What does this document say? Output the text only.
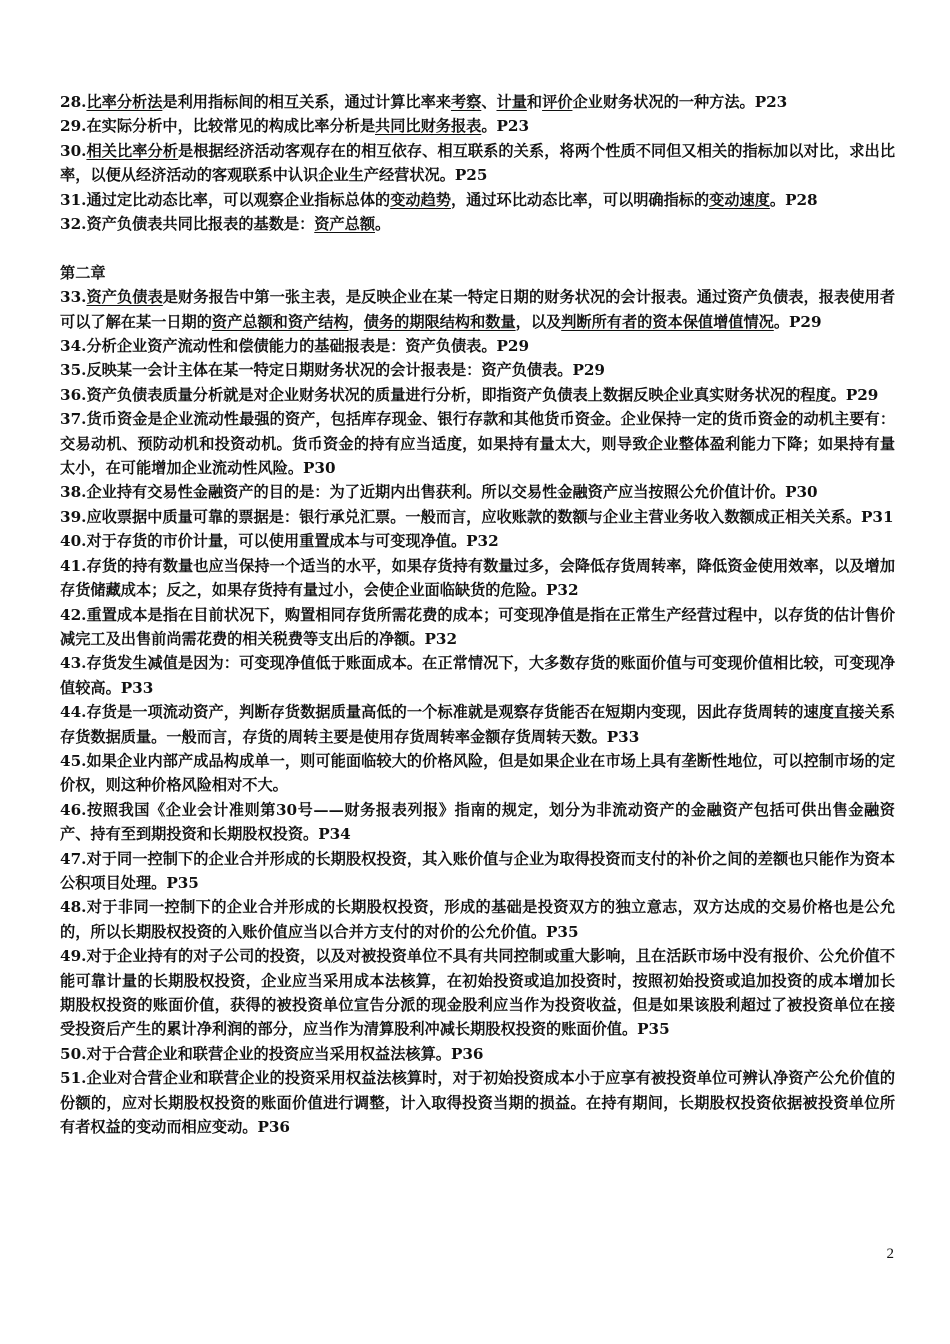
28.比率分析法是利用指标间的相互关系，通过计算比率来考察、计量和评价企业财务状况的一种方法。P23
29.在实际分析中，比较常见的构成比率分析是共同比财务报表。P23
30.相关比率分析是根据经济活动客观存在的相互依存、相互联系的关系，将两个性质不同但又相关的指标加以对比，求出比率，以便从经济活动的客观联系中认识企业生产经营状况。P25
31.通过定比动态比率，可以观察企业指标总体的变动趋势，通过环比动态比率，可以明确指标的变动速度。P28
32.资产负债表共同比报表的基数是：资产总额。
第二章
33.资产负债表是财务报告中第一张主表，是反映企业在某一特定日期的财务状况的会计报表。通过资产负债表，报表使用者可以了解在某一日期的资产总额和资产结构，债务的期限结构和数量，以及判断所有者的资本保值增值情况。P29
34.分析企业资产流动性和偿债能力的基础报表是：资产负债表。P29
35.反映某一会计主体在某一特定日期财务状况的会计报表是：资产负债表。P29
36.资产负债表质量分析就是对企业财务状况的质量进行分析，即指资产负债表上数据反映企业真实财务状况的程度。P29
37.货币资金是企业流动性最强的资产，包括库存现金、银行存款和其他货币资金。企业保持一定的货币资金的动机主要有：交易动机、预防动机和投资动机。货币资金的持有应当适度，如果持有量太大，则导致企业整体盈利能力下降；如果持有量太小，在可能增加企业流动性风险。P30
38.企业持有交易性金融资产的目的是：为了近期内出售获利。所以交易性金融资产应当按照公允价值计价。P30
39.应收票据中质量可靠的票据是：银行承兑汇票。一般而言，应收账款的数额与企业主营业务收入数额成正相关关系。P31
40.对于存货的市价计量，可以使用重置成本与可变现净值。P32
41.存货的持有数量也应当保持一个适当的水平，如果存货持有数量过多，会降低存货周转率，降低资金使用效率，以及增加存货储藏成本；反之，如果存货持有量过小，会使企业面临缺货的危险。P32
42.重置成本是指在目前状况下，购置相同存货所需花费的成本；可变现净值是指在正常生产经营过程中，以存货的估计售价减完工及出售前尚需花费的相关税费等支出后的净额。P32
43.存货发生减值是因为：可变现净值低于账面成本。在正常情况下，大多数存货的账面价值与可变现价值相比较，可变现净值较高。P33
44.存货是一项流动资产，判断存货数据质量高低的一个标准就是观察存货能否在短期内变现，因此存货周转的速度直接关系存货数据质量。一般而言，存货的周转主要是使用存货周转率金额存货周转天数。P33
45.如果企业内部产成品构成单一，则可能面临较大的价格风险，但是如果企业在市场上具有垄断性地位，可以控制市场的定价权，则这种价格风险相对不大。
46.按照我国《企业会计准则第30号——财务报表列报》指南的规定，划分为非流动资产的金融资产包括可供出售金融资产、持有至到期投资和长期股权投资。P34
47.对于同一控制下的企业合并形成的长期股权投资，其入账价值与企业为取得投资而支付的补价之间的差额也只能作为资本公积项目处理。P35
48.对于非同一控制下的企业合并形成的长期股权投资，形成的基础是投资双方的独立意志，双方达成的交易价格也是公允的，所以长期股权投资的入账价值应当以合并方支付的对价的公允价值。P35
49.对于企业持有的对子公司的投资，以及对被投资单位不具有共同控制或重大影响，且在活跃市场中没有报价、公允价值不能可靠计量的长期股权投资，企业应当采用成本法核算，在初始投资或追加投资时，按照初始投资或追加投资的成本增加长期股权投资的账面价值，获得的被投资单位宣告分派的现金股利应当作为投资收益，但是如果该股利超过了被投资单位在接受投资后产生的累计净利润的部分，应当作为清算股利冲减长期股权投资的账面价值。P35
50.对于合营企业和联营企业的投资应当采用权益法核算。P36
51.企业对合营企业和联营企业的投资采用权益法核算时，对于初始投资成本小于应享有被投资单位可辨认净资产公允价值的份额的，应对长期股权投资的账面价值进行调整，计入取得投资当期的损益。在持有期间，长期股权投资依据被投资单位所有者权益的变动而相应变动。P36
2
